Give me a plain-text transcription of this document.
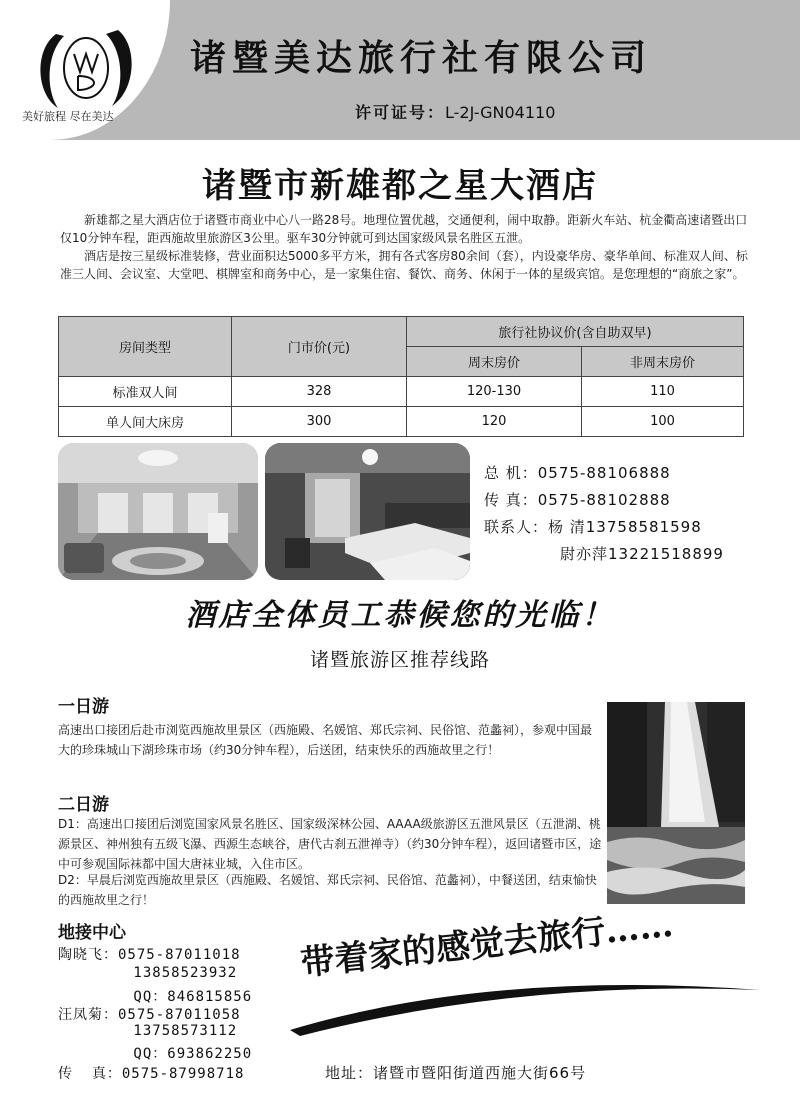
美好旅程 尽在美达
诸暨美达旅行社有限公司
许可证号：L-2J-GN04110
诸暨市新雄都之星大酒店
新雄都之星大酒店位于诸暨市商业中心八一路28号。地理位置优越，交通便利，闹中取静。距新火车站、杭金衢高速诸暨出口仅10分钟车程，距西施故里旅游区3公里。驱车30分钟就可到达国家级风景名胜区五泄。
酒店是按三星级标准装修，营业面积达5000多平方米，拥有各式客房80余间（套），内设豪华房、豪华单间、标准双人间、标准三人间、会议室、大堂吧、棋牌室和商务中心，是一家集住宿、餐饮、商务、休闲于一体的星级宾馆。是您理想的“商旅之家”。
房间类型	门市价(元)	旅行社协议价(含自助双早)	
		周末房价	非周末房价
标准双人间	328	120-130	110
单人间大床房	300	120	100
总 机：0575-88106888
传 真：0575-88102888
联系人：杨 清13758581598
尉亦萍13221518899
酒店全体员工恭候您的光临！
诸暨旅游区推荐线路
一日游
高速出口接团后赴市浏览西施故里景区（西施殿、名媛馆、郑氏宗祠、民俗馆、范蠡祠），参观中国最大的珍珠城山下湖珍珠市场（约30分钟车程），后送团，结束快乐的西施故里之行！
二日游
D1：高速出口接团后浏览国家风景名胜区、国家级深林公园、AAAA级旅游区五泄风景区（五泄湖、桃源景区、神州独有五级飞瀑、西源生态峡谷，唐代古刹五泄禅寺）（约30分钟车程），返回诸暨市区，途中可参观国际袜都中国大唐袜业城，入住市区。
D2：早晨后浏览西施故里景区（西施殿、名媛馆、郑氏宗祠、民俗馆、范蠡祠），中餐送团，结束愉快的西施故里之行！
地接中心
陶晓飞：0575-87011018
13858523932
QQ：846815856
汪凤菊：0575-87011058
13758573112
QQ：693862250
传  真：0575-87998718
带着家的感觉去旅行……
地址：诸暨市暨阳街道西施大街66号
